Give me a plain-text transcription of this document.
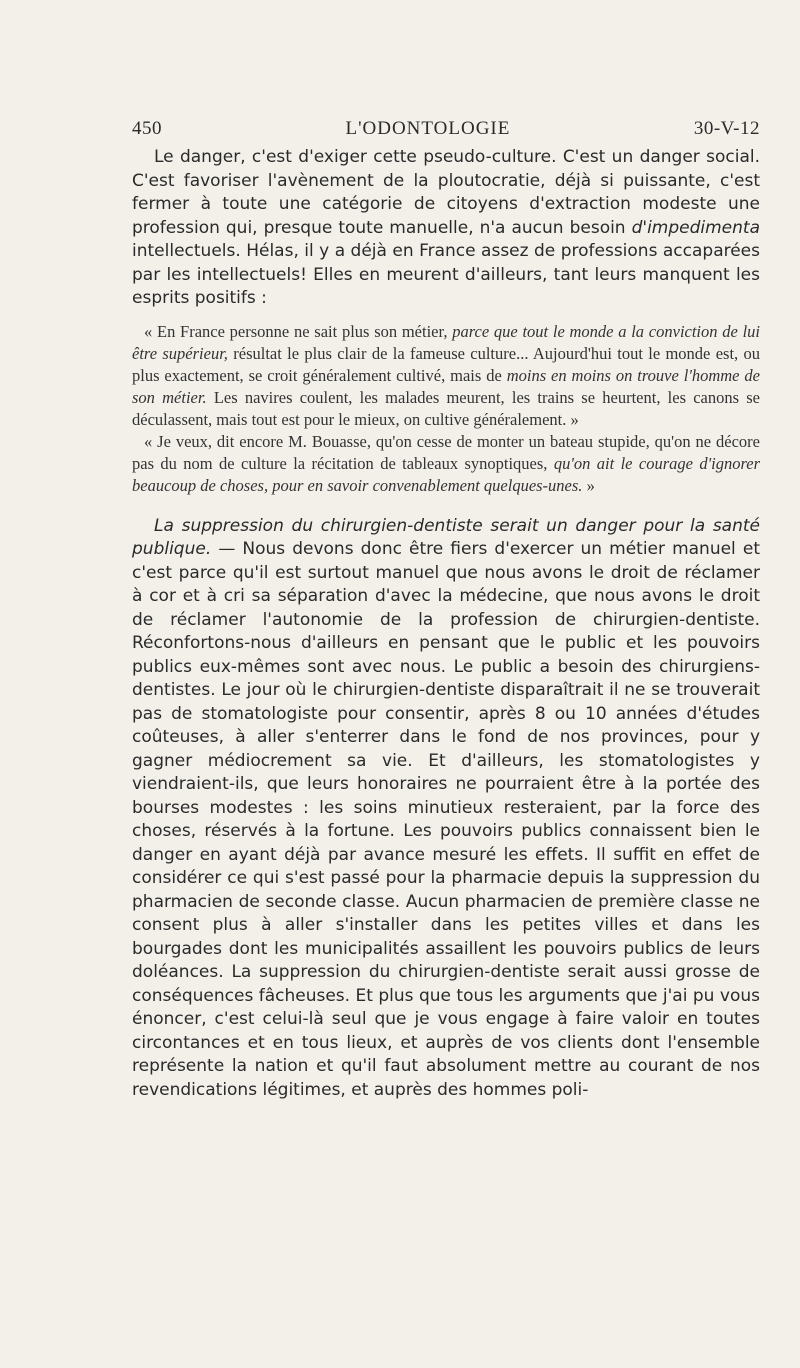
450	L'ODONTOLOGIE	30-V-12

Le danger, c'est d'exiger cette pseudo-culture. C'est un danger social. C'est favoriser l'avènement de la ploutocratie, déjà si puissante, c'est fermer à toute une catégorie de citoyens d'extraction modeste une profession qui, presque toute manuelle, n'a aucun besoin d'impedimenta intellectuels. Hélas, il y a déjà en France assez de professions accaparées par les intellectuels! Elles en meurent d'ailleurs, tant leurs manquent les esprits positifs :

« En France personne ne sait plus son métier, parce que tout le monde a la conviction de lui être supérieur, résultat le plus clair de la fameuse culture... Aujourd'hui tout le monde est, ou plus exactement, se croit généralement cultivé, mais de moins en moins on trouve l'homme de son métier. Les navires coulent, les malades meurent, les trains se heurtent, les canons se déculassent, mais tout est pour le mieux, on cultive généralement. »

« Je veux, dit encore M. Bouasse, qu'on cesse de monter un bateau stupide, qu'on ne décore pas du nom de culture la récitation de tableaux synoptiques, qu'on ait le courage d'ignorer beaucoup de choses, pour en savoir convenablement quelques-unes. »

La suppression du chirurgien-dentiste serait un danger pour la santé publique. — Nous devons donc être fiers d'exercer un métier manuel et c'est parce qu'il est surtout manuel que nous avons le droit de réclamer à cor et à cri sa séparation d'avec la médecine, que nous avons le droit de réclamer l'autonomie de la profession de chirurgien-dentiste. Réconfortons-nous d'ailleurs en pensant que le public et les pouvoirs publics eux-mêmes sont avec nous. Le public a besoin des chirurgiens-dentistes. Le jour où le chirurgien-dentiste disparaîtrait il ne se trouverait pas de stomatologiste pour consentir, après 8 ou 10 années d'études coûteuses, à aller s'enterrer dans le fond de nos provinces, pour y gagner médiocrement sa vie. Et d'ailleurs, les stomatologistes y viendraient-ils, que leurs honoraires ne pourraient être à la portée des bourses modestes : les soins minutieux resteraient, par la force des choses, réservés à la fortune. Les pouvoirs publics connaissent bien le danger en ayant déjà par avance mesuré les effets. Il suffit en effet de considérer ce qui s'est passé pour la pharmacie depuis la suppression du pharmacien de seconde classe. Aucun pharmacien de première classe ne consent plus à aller s'installer dans les petites villes et dans les bourgades dont les municipalités assaillent les pouvoirs publics de leurs doléances. La suppression du chirurgien-dentiste serait aussi grosse de conséquences fâcheuses. Et plus que tous les arguments que j'ai pu vous énoncer, c'est celui-là seul que je vous engage à faire valoir en toutes circontances et en tous lieux, et auprès de vos clients dont l'ensemble représente la nation et qu'il faut absolument mettre au courant de nos revendications légitimes, et auprès des hommes poli-
